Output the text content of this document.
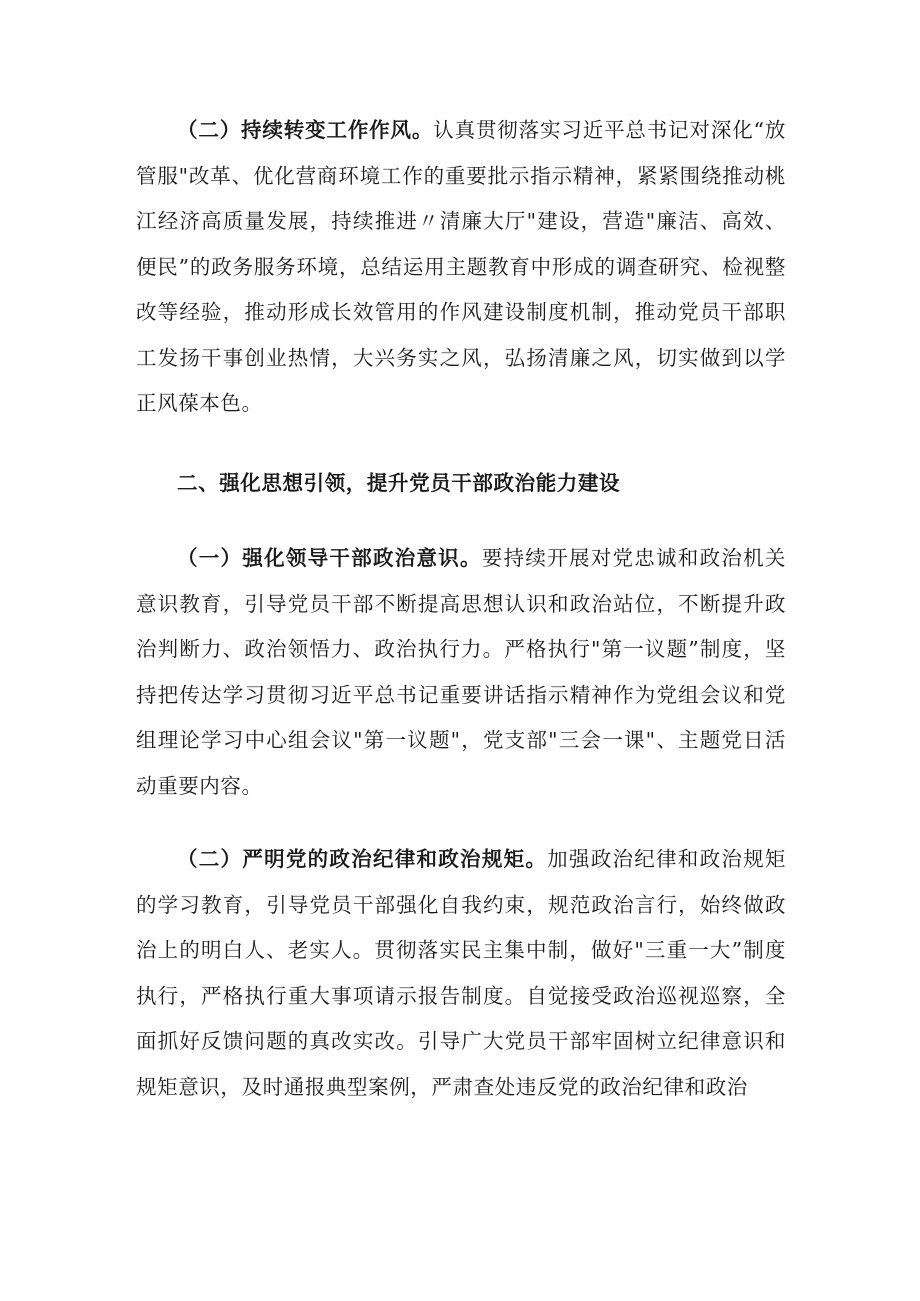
（二）持续转变工作作风。认真贯彻落实习近平总书记对深化“放管服"改革、优化营商环境工作的重要批示指示精神，紧紧围绕推动桃江经济高质量发展，持续推进〃清廉大厅"建设，营造"廉洁、高效、便民”的政务服务环境，总结运用主题教育中形成的调查研究、检视整改等经验，推动形成长效管用的作风建设制度机制，推动党员干部职工发扬干事创业热情，大兴务实之风，弘扬清廉之风，切实做到以学正风葆本色。

二、强化思想引领，提升党员干部政治能力建设

（一）强化领导干部政治意识。要持续开展对党忠诚和政治机关意识教育，引导党员干部不断提高思想认识和政治站位，不断提升政治判断力、政治领悟力、政治执行力。严格执行"第一议题”制度，坚持把传达学习贯彻习近平总书记重要讲话指示精神作为党组会议和党组理论学习中心组会议"第一议题"，党支部"三会一课"、主题党日活动重要内容。

（二）严明党的政治纪律和政治规矩。加强政治纪律和政治规矩的学习教育，引导党员干部强化自我约束，规范政治言行，始终做政治上的明白人、老实人。贯彻落实民主集中制，做好"三重一大”制度执行，严格执行重大事项请示报告制度。自觉接受政治巡视巡察，全面抓好反馈问题的真改实改。引导广大党员干部牢固树立纪律意识和规矩意识，及时通报典型案例，严肃查处违反党的政治纪律和政治
